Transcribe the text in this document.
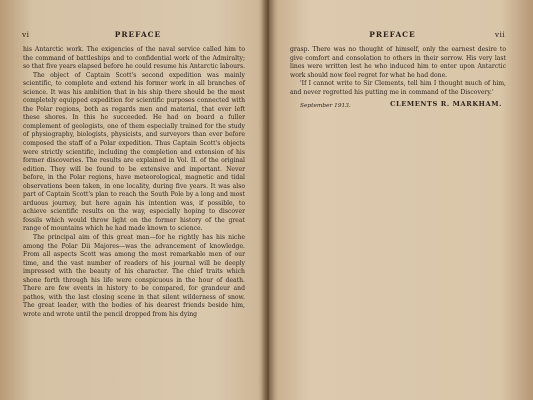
vi	PREFACE

his Antarctic work. The exigencies of the naval service called him to the command of battleships and to confidential work of the Admiralty; so that five years elapsed before he could resume his Antarctic labours.

The object of Captain Scott's second expedition was mainly scientific, to complete and extend his former work in all branches of science. It was his ambition that in his ship there should be the most completely equipped expedition for scientific purposes connected with the Polar regions, both as regards men and material, that ever left these shores. In this he succeeded. He had on board a fuller complement of geologists, one of them especially trained for the study of physiography, biologists, physicists, and surveyors than ever before composed the staff of a Polar expedition. Thus Captain Scott's objects were strictly scientific, including the completion and extension of his former discoveries. The results are explained in Vol. II. of the original edition. They will be found to be extensive and important. Never before, in the Polar regions, have meteorological, magnetic and tidal observations been taken, in one locality, during five years. It was also part of Captain Scott's plan to reach the South Pole by a long and most arduous journey, but here again his intention was, if possible, to achieve scientific results on the way, especially hoping to discover fossils which would throw light on the former history of the great range of mountains which he had made known to science.

The principal aim of this great man—for he rightly has his niche among the Polar Dii Majores—was the advancement of knowledge. From all aspects Scott was among the most remarkable men of our time, and the vast number of readers of his journal will be deeply impressed with the beauty of his character. The chief traits which shone forth through his life were conspicuous in the hour of death. There are few events in history to be compared, for grandeur and pathos, with the last closing scene in that silent wilderness of snow. The great leader, with the bodies of his dearest friends beside him, wrote and wrote until the pencil dropped from his dying

PREFACE	vii

grasp. There was no thought of himself, only the earnest desire to give comfort and consolation to others in their sorrow. His very last lines were written lest he who induced him to enter upon Antarctic work should now feel regret for what he had done.

'If I cannot write to Sir Clements, tell him I thought much of him, and never regretted his putting me in command of the Discovery.'

September 1913.	CLEMENTS R. MARKHAM.
